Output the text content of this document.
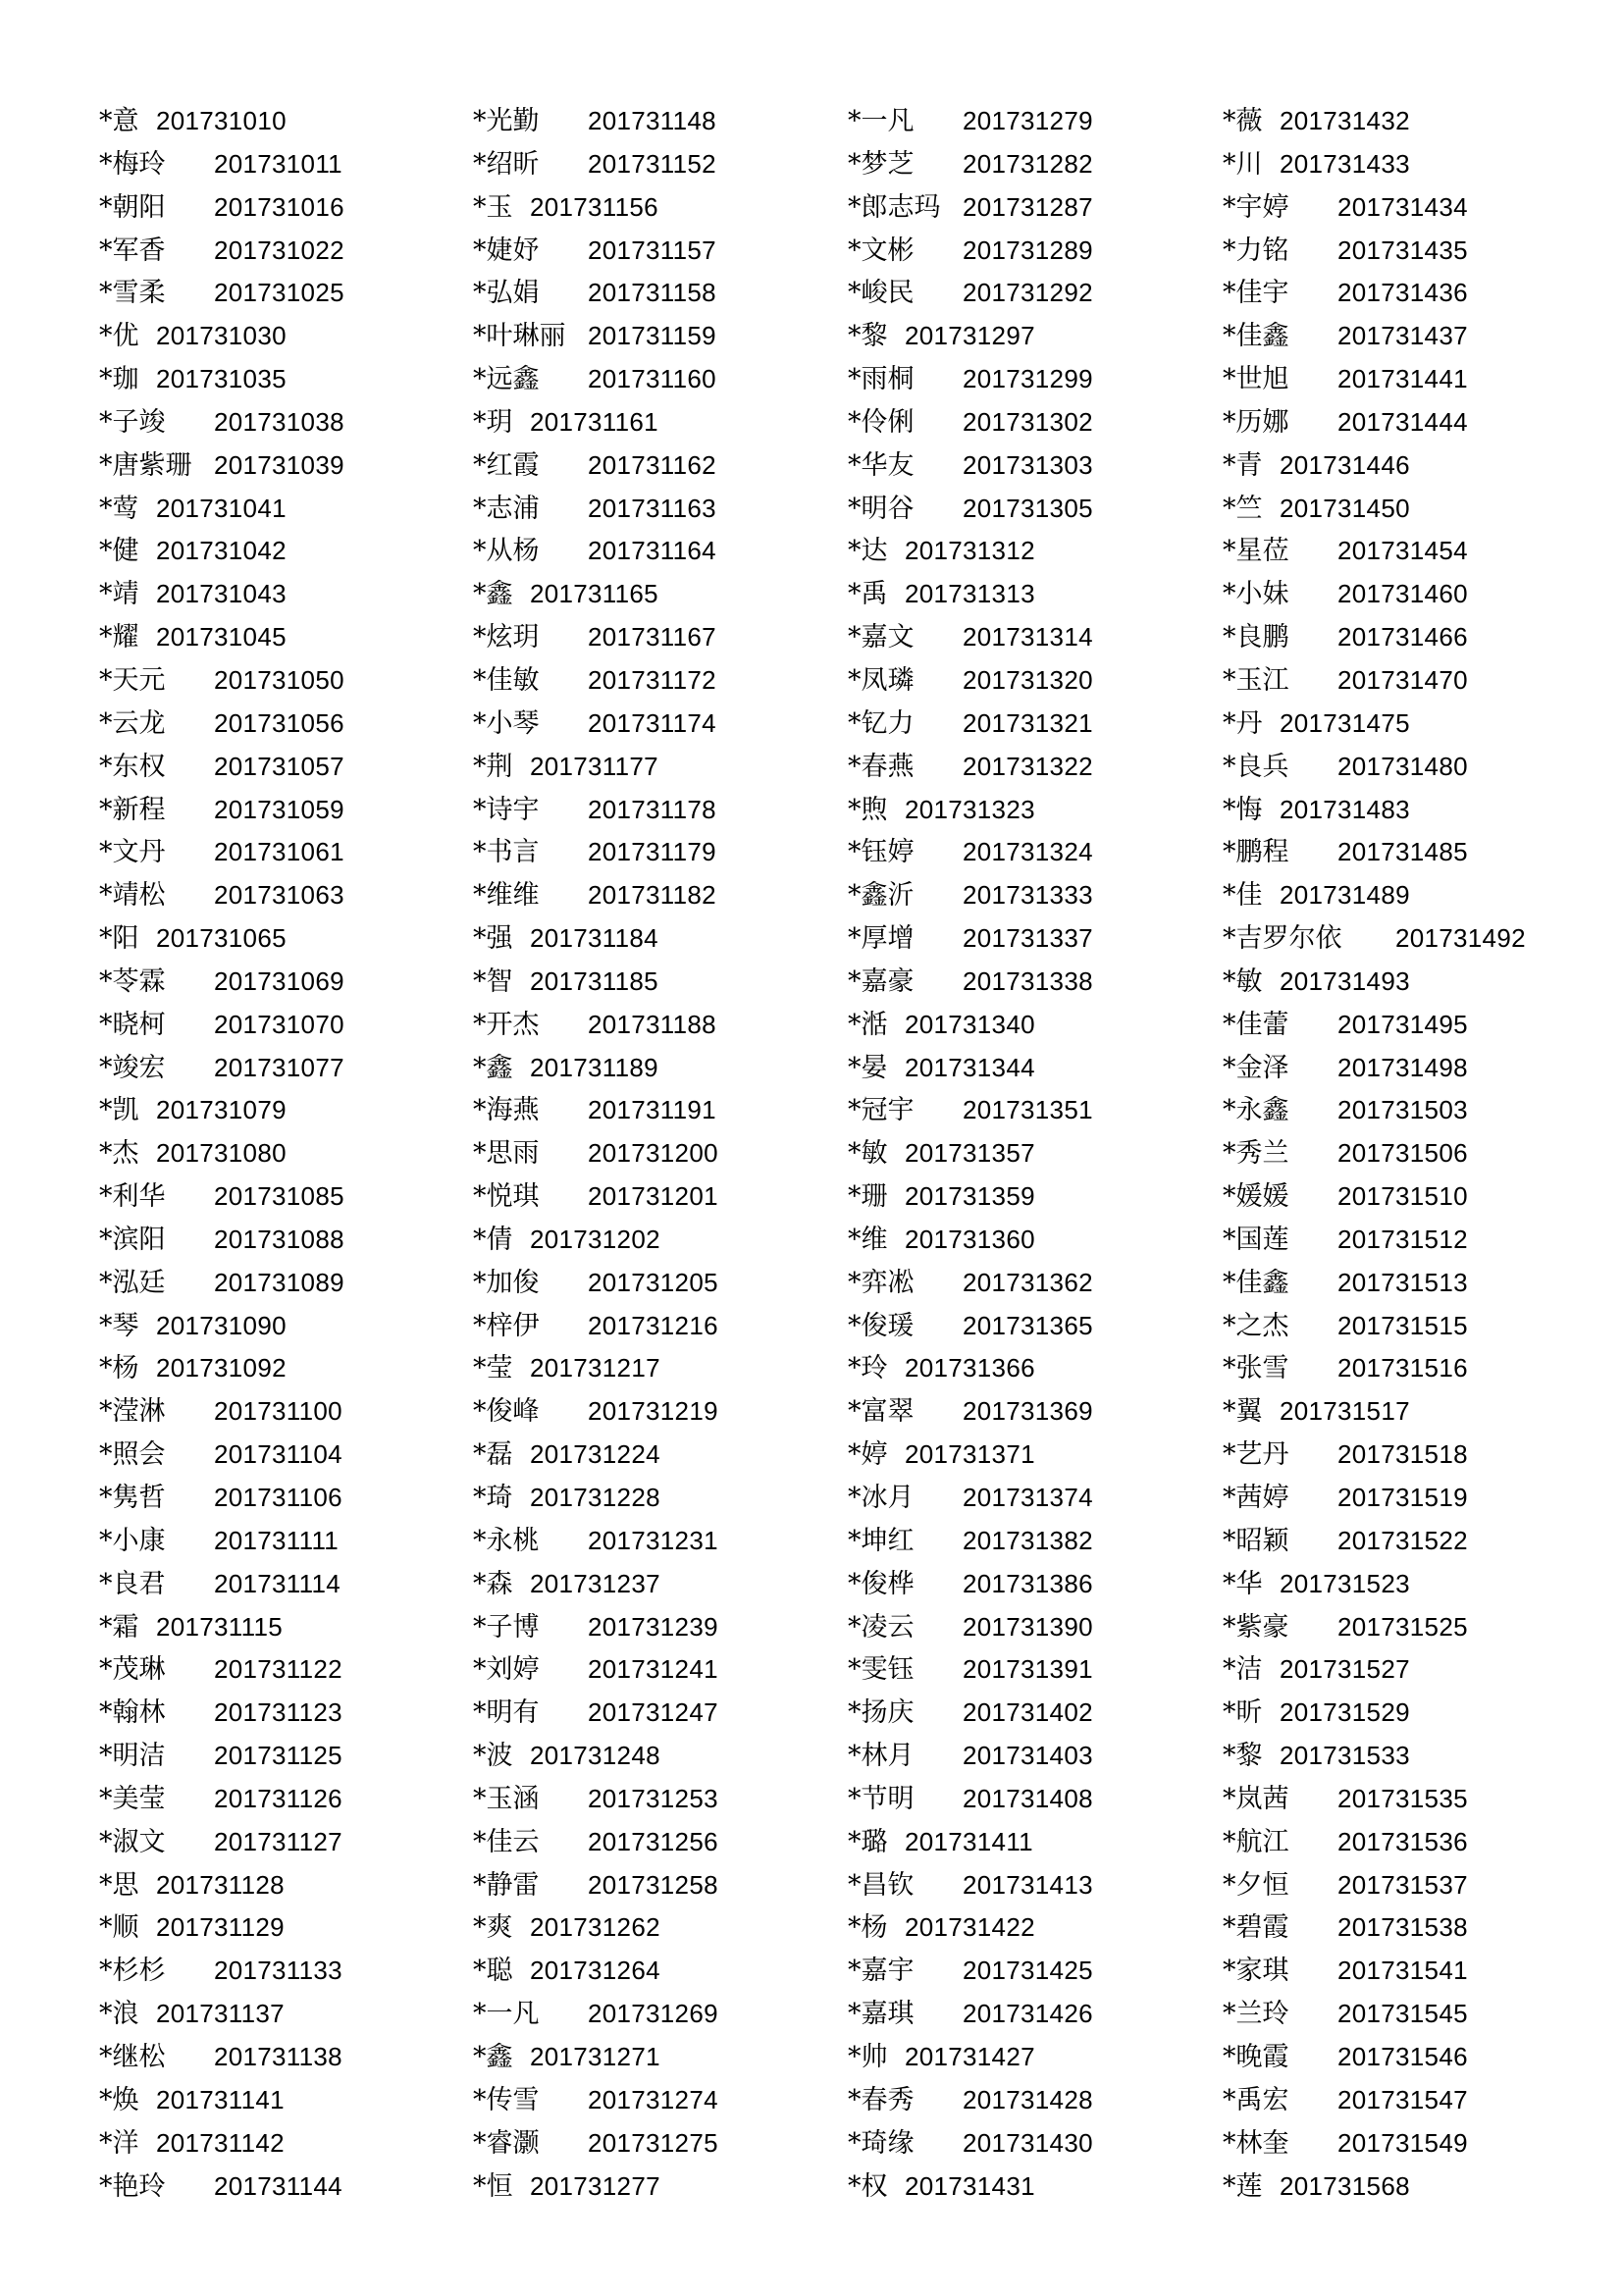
*意 201731010
*梅玲 201731011
*朝阳 201731016
*军香 201731022
*雪柔 201731025
*优 201731030
*珈 201731035
*子竣 201731038
*唐紫珊 201731039
*莺 201731041
*健 201731042
*靖 201731043
*耀 201731045
*天元 201731050
*云龙 201731056
*东权 201731057
*新程 201731059
*文丹 201731061
*靖松 201731063
*阳 201731065
*苓霖 201731069
*晓柯 201731070
*竣宏 201731077
*凯 201731079
*杰 201731080
*利华 201731085
*滨阳 201731088
*泓廷 201731089
*琴 201731090
*杨 201731092
*滢淋 201731100
*照会 201731104
*隽哲 201731106
*小康 201731111
*良君 201731114
*霜 201731115
*茂琳 201731122
*翰林 201731123
*明洁 201731125
*美莹 201731126
*淑文 201731127
*思 201731128
*顺 201731129
*杉杉 201731133
*浪 201731137
*继松 201731138
*焕 201731141
*洋 201731142
*艳玲 201731144
*光勤 201731148
*绍昕 201731152
*玉 201731156
*婕妤 201731157
*弘娟 201731158
*叶琳丽 201731159
*远鑫 201731160
*玥 201731161
*红霞 201731162
*志浦 201731163
*从杨 201731164
*鑫 201731165
*炫玥 201731167
*佳敏 201731172
*小琴 201731174
*荆 201731177
*诗宇 201731178
*书言 201731179
*维维 201731182
*强 201731184
*智 201731185
*开杰 201731188
*鑫 201731189
*海燕 201731191
*思雨 201731200
*悦琪 201731201
*倩 201731202
*加俊 201731205
*梓伊 201731216
*莹 201731217
*俊峰 201731219
*磊 201731224
*琦 201731228
*永桃 201731231
*森 201731237
*子博 201731239
*刘婷 201731241
*明有 201731247
*波 201731248
*玉涵 201731253
*佳云 201731256
*静雷 201731258
*爽 201731262
*聪 201731264
*一凡 201731269
*鑫 201731271
*传雪 201731274
*睿灏 201731275
*恒 201731277
*一凡 201731279
*梦芝 201731282
*郎志玛 201731287
*文彬 201731289
*峻民 201731292
*黎 201731297
*雨桐 201731299
*伶俐 201731302
*华友 201731303
*明谷 201731305
*达 201731312
*禹 201731313
*嘉文 201731314
*凤璘 201731320
*钇力 201731321
*春燕 201731322
*煦 201731323
*钰婷 201731324
*鑫沂 201731333
*厚增 201731337
*嘉豪 201731338
*湉 201731340
*晏 201731344
*冠宇 201731351
*敏 201731357
*珊 201731359
*维 201731360
*弈凇 201731362
*俊瑗 201731365
*玲 201731366
*富翠 201731369
*婷 201731371
*冰月 201731374
*坤红 201731382
*俊桦 201731386
*凌云 201731390
*雯钰 201731391
*扬庆 201731402
*林月 201731403
*节明 201731408
*璐 201731411
*昌钦 201731413
*杨 201731422
*嘉宇 201731425
*嘉琪 201731426
*帅 201731427
*春秀 201731428
*琦缘 201731430
*权 201731431
*薇 201731432
*川 201731433
*宇婷 201731434
*力铭 201731435
*佳宇 201731436
*佳鑫 201731437
*世旭 201731441
*历娜 201731444
*青 201731446
*竺 201731450
*星莅 201731454
*小妹 201731460
*良鹏 201731466
*玉江 201731470
*丹 201731475
*良兵 201731480
*悔 201731483
*鹏程 201731485
*佳 201731489
*吉罗尔依 201731492
*敏 201731493
*佳蕾 201731495
*金泽 201731498
*永鑫 201731503
*秀兰 201731506
*媛媛 201731510
*国莲 201731512
*佳鑫 201731513
*之杰 201731515
*张雪 201731516
*翼 201731517
*艺丹 201731518
*茜婷 201731519
*昭颖 201731522
*华 201731523
*紫豪 201731525
*洁 201731527
*昕 201731529
*黎 201731533
*岚茜 201731535
*航江 201731536
*夕恒 201731537
*碧霞 201731538
*家琪 201731541
*兰玲 201731545
*晚霞 201731546
*禹宏 201731547
*林奎 201731549
*莲 201731568
